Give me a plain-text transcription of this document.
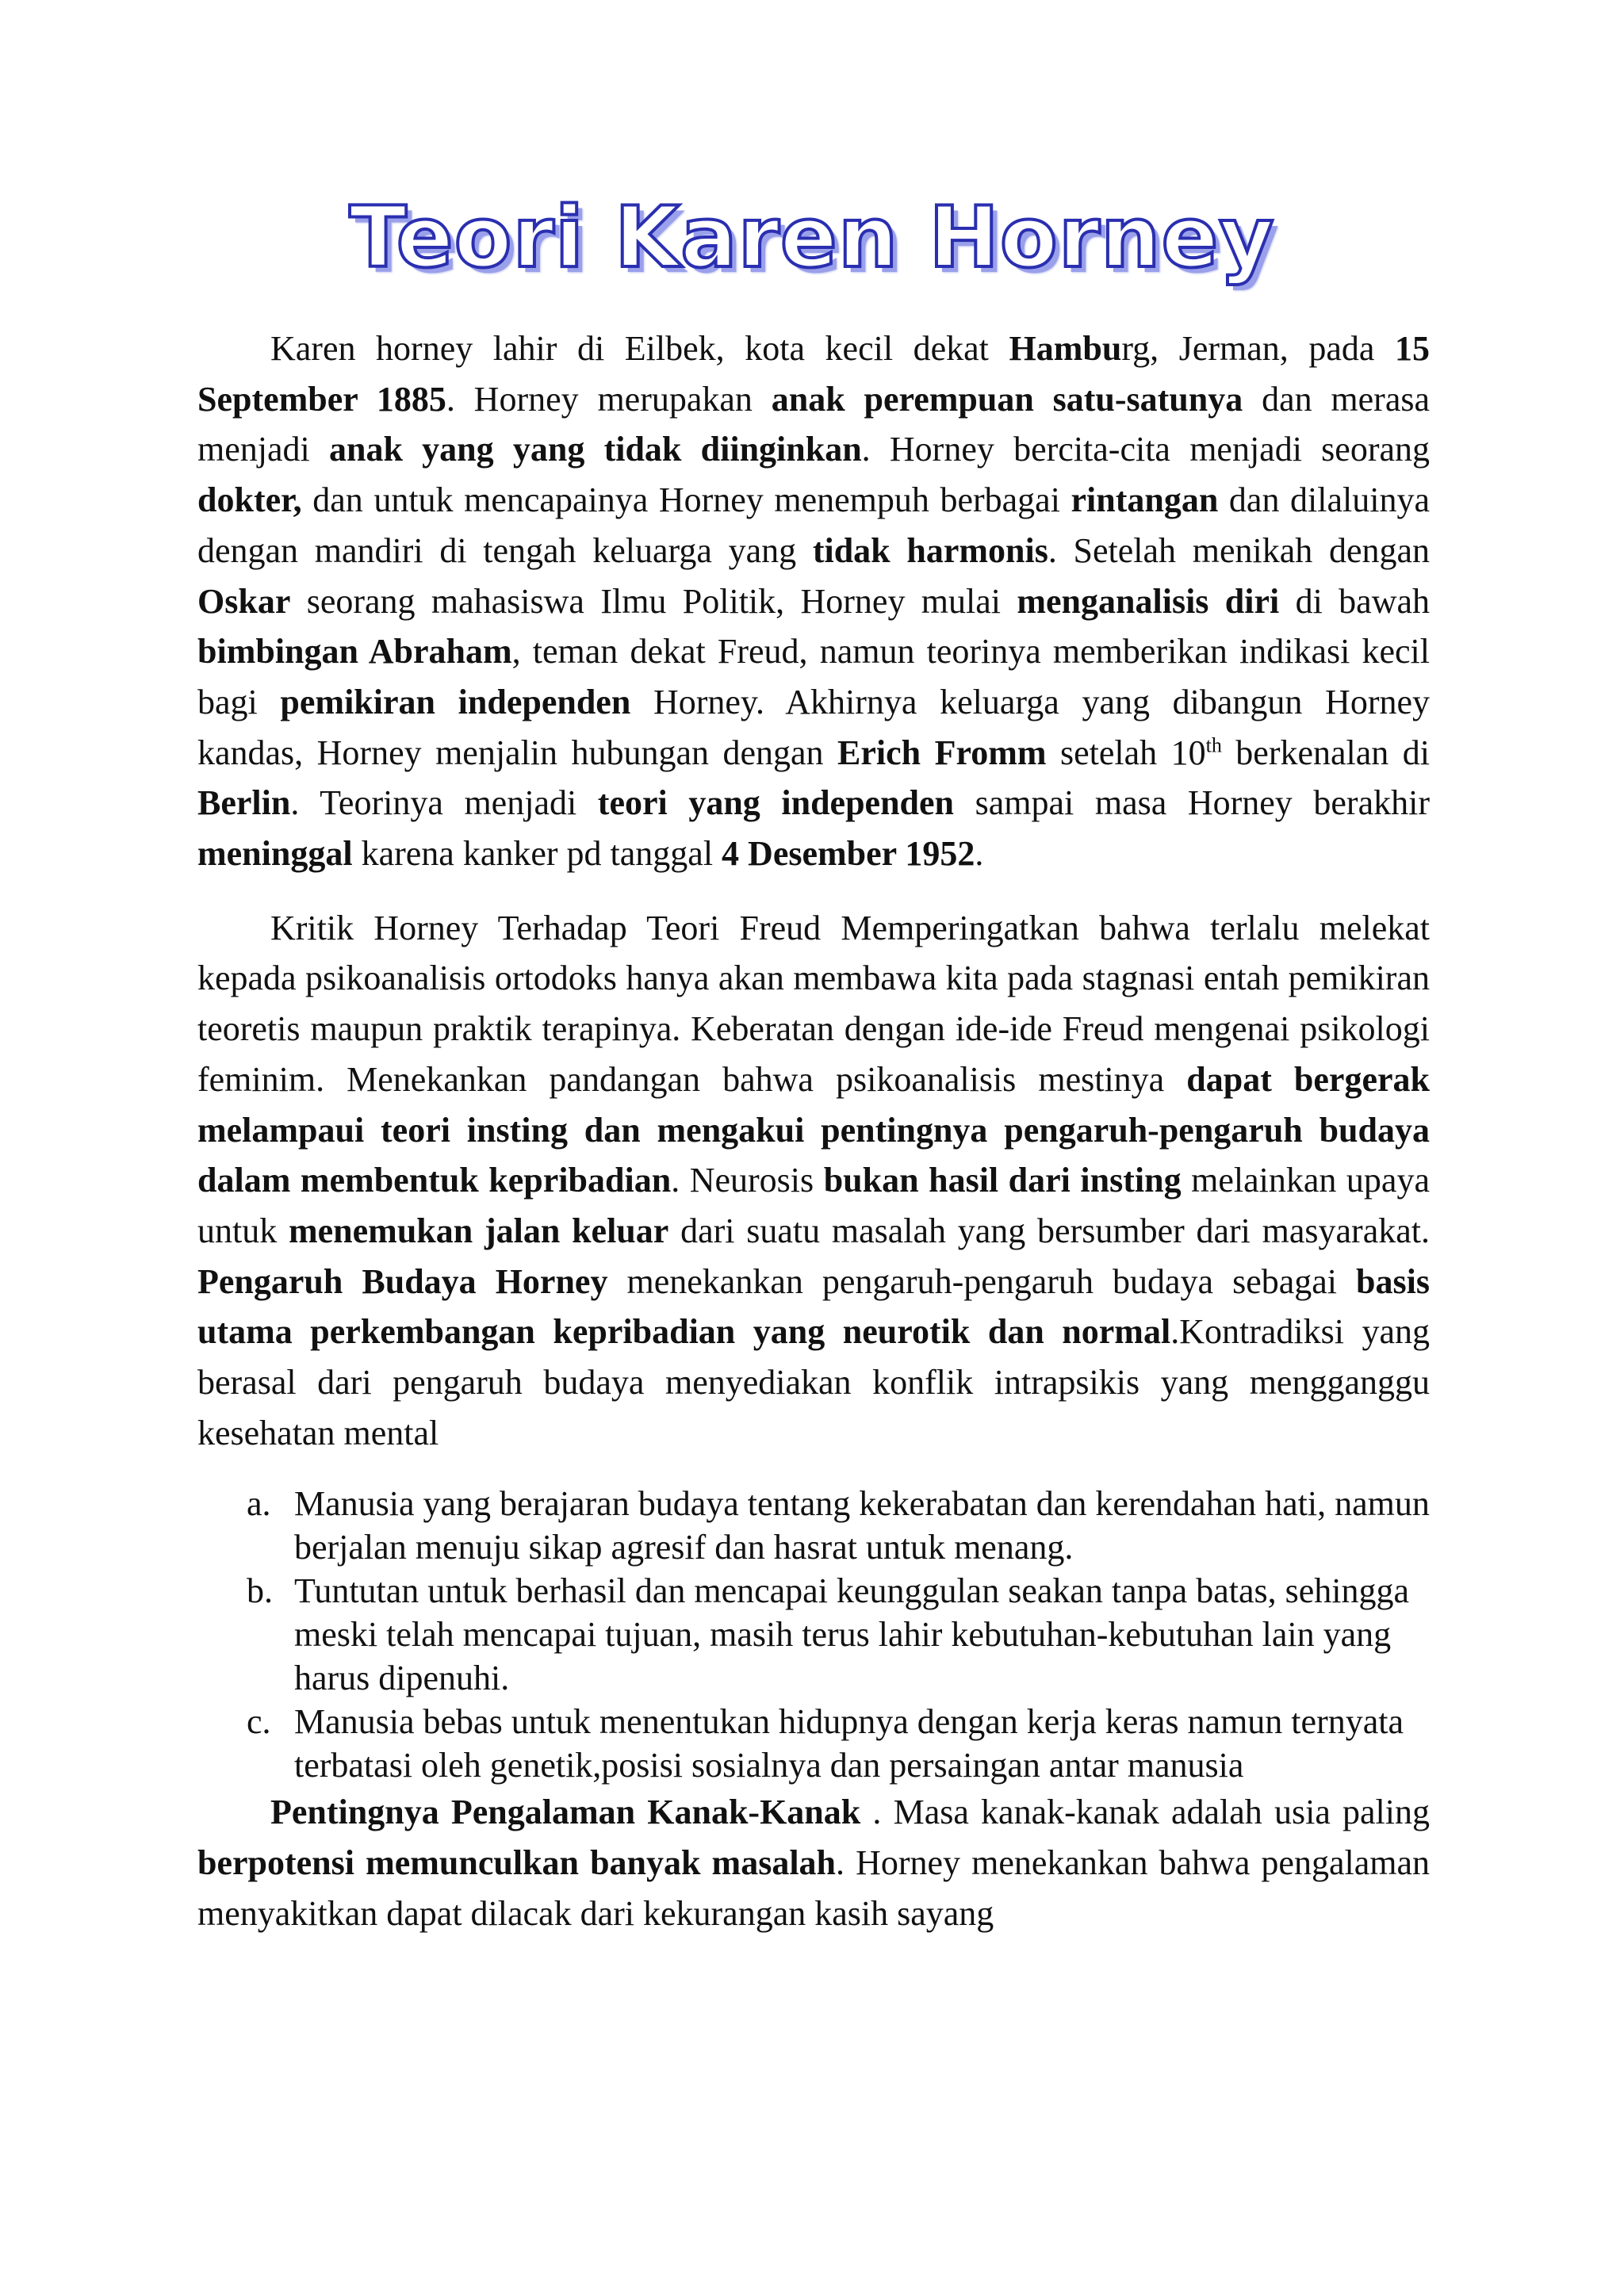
Teori Karen Horney

Karen horney lahir di Eilbek, kota kecil dekat Hamburg, Jerman, pada 15 September 1885. Horney merupakan anak perempuan satu-satunya dan merasa menjadi anak yang yang tidak diinginkan. Horney bercita-cita menjadi seorang dokter, dan untuk mencapainya Horney menempuh berbagai rintangan dan dilaluinya dengan mandiri di tengah keluarga yang tidak harmonis. Setelah menikah dengan Oskar seorang mahasiswa Ilmu Politik, Horney mulai menganalisis diri di bawah bimbingan Abraham, teman dekat Freud, namun teorinya memberikan indikasi kecil bagi pemikiran independen Horney. Akhirnya keluarga yang dibangun Horney kandas, Horney menjalin hubungan dengan Erich Fromm setelah 10th berkenalan di Berlin. Teorinya menjadi teori yang independen sampai masa Horney berakhir meninggal karena kanker pd tanggal 4 Desember 1952.

Kritik Horney Terhadap Teori Freud Memperingatkan bahwa terlalu melekat kepada psikoanalisis ortodoks hanya akan membawa kita pada stagnasi entah pemikiran teoretis maupun praktik terapinya. Keberatan dengan ide-ide Freud mengenai psikologi feminim. Menekankan pandangan bahwa psikoanalisis mestinya dapat bergerak melampaui teori insting dan mengakui pentingnya pengaruh-pengaruh budaya dalam membentuk kepribadian. Neurosis bukan hasil dari insting melainkan upaya untuk menemukan jalan keluar dari suatu masalah yang bersumber dari masyarakat. Pengaruh Budaya Horney menekankan pengaruh-pengaruh budaya sebagai basis utama perkembangan kepribadian yang neurotik dan normal.Kontradiksi yang berasal dari pengaruh budaya menyediakan konflik intrapsikis yang mengganggu kesehatan mental

a. Manusia yang berajaran budaya tentang kekerabatan dan kerendahan hati, namun berjalan menuju sikap agresif dan hasrat untuk menang.
b. Tuntutan untuk berhasil dan mencapai keunggulan seakan tanpa batas, sehingga meski telah mencapai tujuan, masih terus lahir kebutuhan-kebutuhan lain yang harus dipenuhi.
c. Manusia bebas untuk menentukan hidupnya dengan kerja keras namun ternyata terbatasi oleh genetik,posisi sosialnya dan persaingan antar manusia

Pentingnya Pengalaman Kanak-Kanak . Masa kanak-kanak adalah usia paling berpotensi memunculkan banyak masalah. Horney menekankan bahwa pengalaman menyakitkan dapat dilacak dari kekurangan kasih sayang
